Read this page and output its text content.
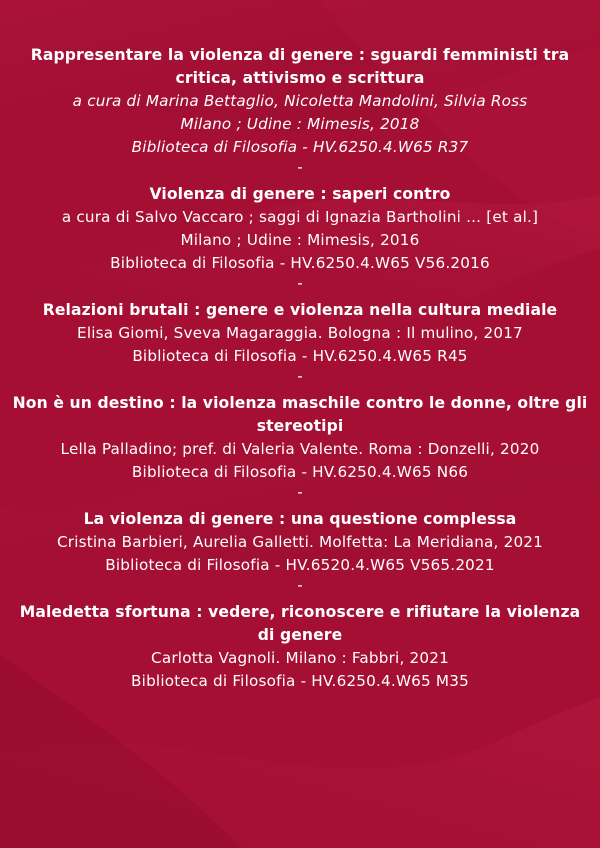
Rappresentare la violenza di genere : sguardi femministi tra critica, attivismo e scrittura
a cura di Marina Bettaglio, Nicoletta Mandolini, Silvia Ross
Milano ; Udine : Mimesis, 2018
Biblioteca di Filosofia - HV.6250.4.W65 R37
-
Violenza di genere : saperi contro
a cura di Salvo Vaccaro ; saggi di Ignazia Bartholini ... [et al.]
Milano ; Udine : Mimesis, 2016
Biblioteca di Filosofia - HV.6250.4.W65 V56.2016
-
Relazioni brutali : genere e violenza nella cultura mediale
Elisa Giomi, Sveva Magaraggia. Bologna : Il mulino, 2017
Biblioteca di Filosofia - HV.6250.4.W65 R45
-
Non è un destino : la violenza maschile contro le donne, oltre gli stereotipi
Lella Palladino; pref. di Valeria Valente. Roma : Donzelli, 2020
Biblioteca di Filosofia - HV.6250.4.W65 N66
-
La violenza di genere : una questione complessa
Cristina Barbieri, Aurelia Galletti. Molfetta: La Meridiana, 2021
Biblioteca di Filosofia - HV.6520.4.W65 V565.2021
-
Maledetta sfortuna : vedere, riconoscere e rifiutare la violenza di genere
Carlotta Vagnoli. Milano : Fabbri, 2021
Biblioteca di Filosofia - HV.6250.4.W65 M35
